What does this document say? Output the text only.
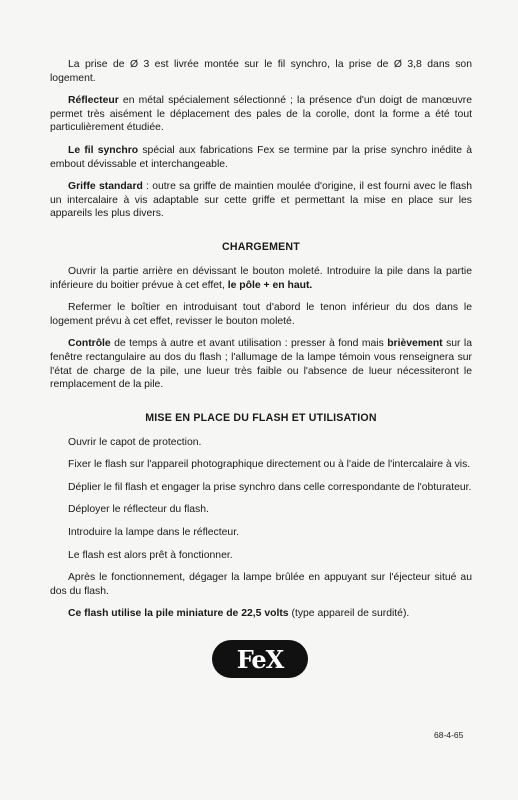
La prise de Ø 3 est livrée montée sur le fil synchro, la prise de Ø 3,8 dans son logement.

Réflecteur en métal spécialement sélectionné ; la présence d'un doigt de manœuvre permet très aisément le déplacement des pales de la corolle, dont la forme a été tout particulièrement étudiée.

Le fil synchro spécial aux fabrications Fex se termine par la prise synchro inédite à embout dévissable et interchangeable.

Griffe standard : outre sa griffe de maintien moulée d'origine, il est fourni avec le flash un intercalaire à vis adaptable sur cette griffe et permettant la mise en place sur les appareils les plus divers.

CHARGEMENT

Ouvrir la partie arrière en dévissant le bouton moleté. Introduire la pile dans la partie inférieure du boitier prévue à cet effet, le pôle + en haut.

Refermer le boîtier en introduisant tout d'abord le tenon inférieur du dos dans le logement prévu à cet effet, revisser le bouton moleté.

Contrôle de temps à autre et avant utilisation : presser à fond mais brièvement sur la fenêtre rectangulaire au dos du flash ; l'allumage de la lampe témoin vous renseignera sur l'état de charge de la pile, une lueur très faible ou l'absence de lueur nécessiteront le remplacement de la pile.

MISE EN PLACE DU FLASH ET UTILISATION

Ouvrir le capot de protection.

Fixer le flash sur l'appareil photographique directement ou à l'aide de l'intercalaire à vis.

Déplier le fil flash et engager la prise synchro dans celle correspondante de l'obturateur.

Déployer le réflecteur du flash.

Introduire la lampe dans le réflecteur.

Le flash est alors prêt à fonctionner.

Après le fonctionnement, dégager la lampe brûlée en appuyant sur l'éjecteur situé au dos du flash.

Ce flash utilise la pile miniature de 22,5 volts (type appareil de surdité).

FeX
68-4-65
